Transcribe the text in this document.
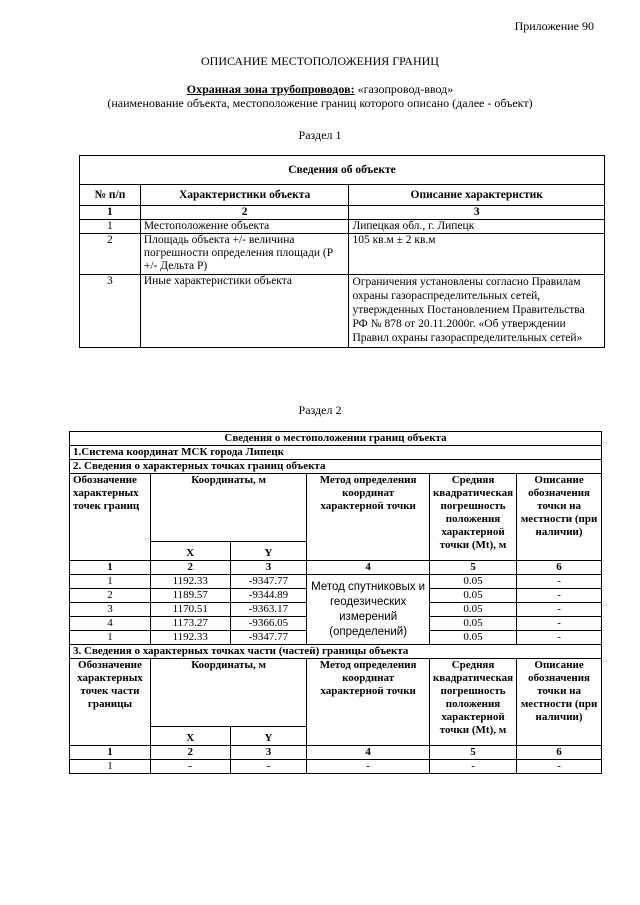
Приложение 90
ОПИСАНИЕ МЕСТОПОЛОЖЕНИЯ ГРАНИЦ
Охранная зона трубопроводов: «газопровод-ввод»
(наименование объекта, местоположение границ которого описано (далее - объект)
Раздел 1
Сведения об объекте		
№ п/п	Характеристики объекта	Описание характеристик
1	2	3
1	Местоположение объекта	Липецкая обл., г. Липецк
2	Площадь объекта +/- величина погрешности определения площади (Р +/- Дельта Р)	105 кв.м ± 2 кв.м
3	Иные характеристики объекта	Ограничения установлены согласно Правилам охраны газораспределительных сетей, утвержденных Постановлением Правительства РФ № 878 от 20.11.2000г. «Об утверждении Правил охраны газораспределительных сетей»
Раздел 2
Сведения о местоположении границ объекта					
1.Система координат МСК города Липецк					
2. Сведения о характерных точках границ объекта					
Обозначение характерных точек границ	Координаты, м		Метод определения координат характерной точки	Средняя квадратическая погрешность положения характерной точки (Mt), м	Описание обозначения точки на местности (при наличии)
	X	Y			
1	2	3	4	5	6
1	1192.33	-9347.77	Метод спутниковых и геодезических измерений (определений)	0.05	-
2	1189.57	-9344.89		0.05	-
3	1170.51	-9363.17		0.05	-
4	1173.27	-9366.05		0.05	-
1	1192.33	-9347.77		0.05	-
3. Сведения о характерных точках части (частей) границы объекта					
Обозначение характерных точек части границы	Координаты, м		Метод определения координат характерной точки	Средняя квадратическая погрешность положения характерной точки (Mt), м	Описание обозначения точки на местности (при наличии)
	X	Y			
1	2	3	4	5	6
1	-	-	-	-	-
